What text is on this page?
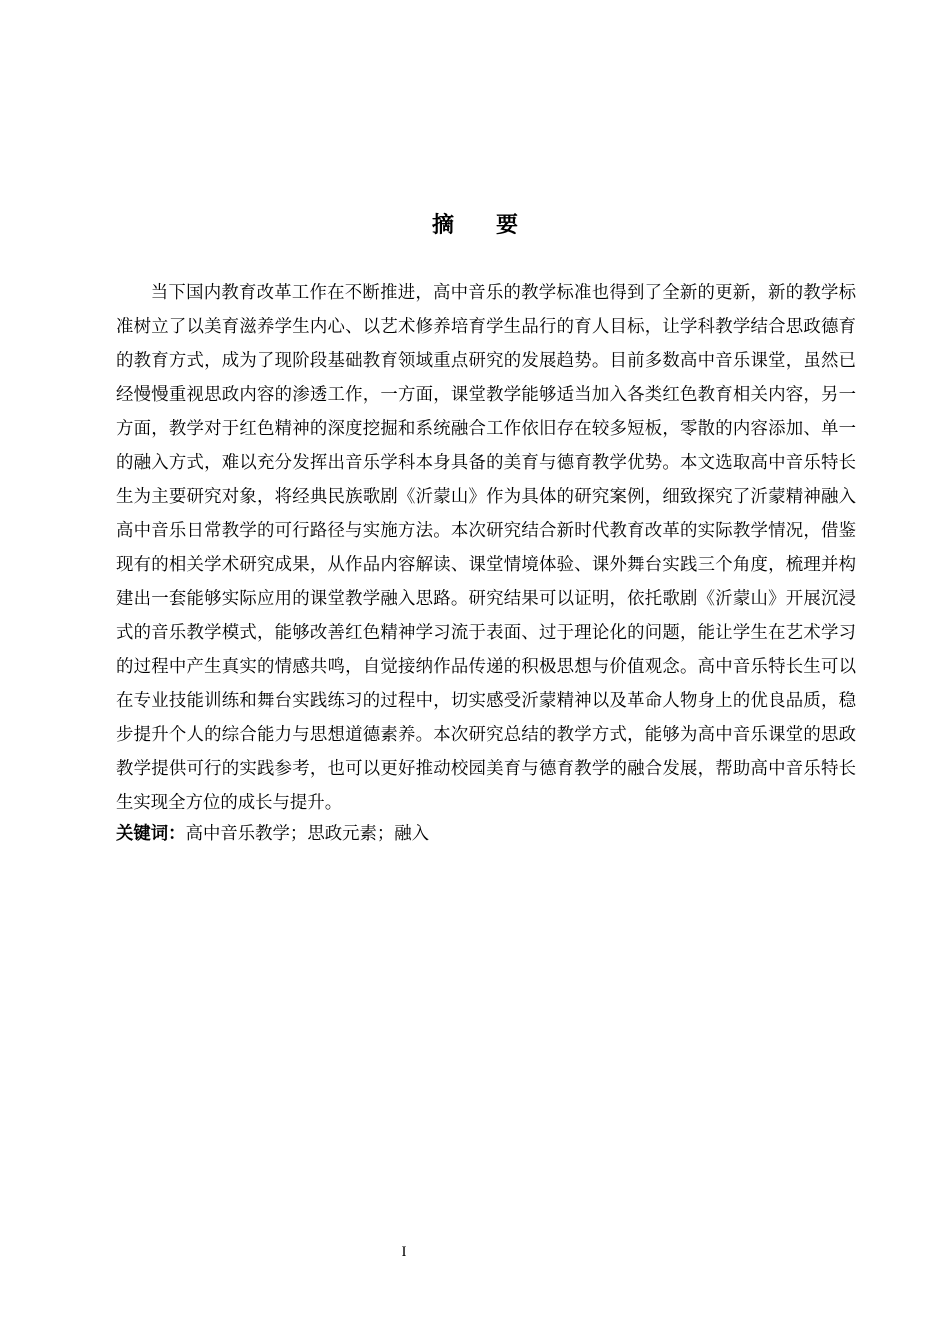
摘要

当下国内教育改革工作在不断推进，高中音乐的教学标准也得到了全新的更新，新的教学标准树立了以美育滋养学生内心、以艺术修养培育学生品行的育人目标，让学科教学结合思政德育的教育方式，成为了现阶段基础教育领域重点研究的发展趋势。目前多数高中音乐课堂，虽然已经慢慢重视思政内容的渗透工作，一方面，课堂教学能够适当加入各类红色教育相关内容，另一方面，教学对于红色精神的深度挖掘和系统融合工作依旧存在较多短板，零散的内容添加、单一的融入方式，难以充分发挥出音乐学科本身具备的美育与德育教学优势。本文选取高中音乐特长生为主要研究对象，将经典民族歌剧《沂蒙山》作为具体的研究案例，细致探究了沂蒙精神融入高中音乐日常教学的可行路径与实施方法。本次研究结合新时代教育改革的实际教学情况，借鉴现有的相关学术研究成果，从作品内容解读、课堂情境体验、课外舞台实践三个角度，梳理并构建出一套能够实际应用的课堂教学融入思路。研究结果可以证明，依托歌剧《沂蒙山》开展沉浸式的音乐教学模式，能够改善红色精神学习流于表面、过于理论化的问题，能让学生在艺术学习的过程中产生真实的情感共鸣，自觉接纳作品传递的积极思想与价值观念。高中音乐特长生可以在专业技能训练和舞台实践练习的过程中，切实感受沂蒙精神以及革命人物身上的优良品质，稳步提升个人的综合能力与思想道德素养。本次研究总结的教学方式，能够为高中音乐课堂的思政教学提供可行的实践参考，也可以更好推动校园美育与德育教学的融合发展，帮助高中音乐特长生实现全方位的成长与提升。

关键词：高中音乐教学；思政元素；融入

I
